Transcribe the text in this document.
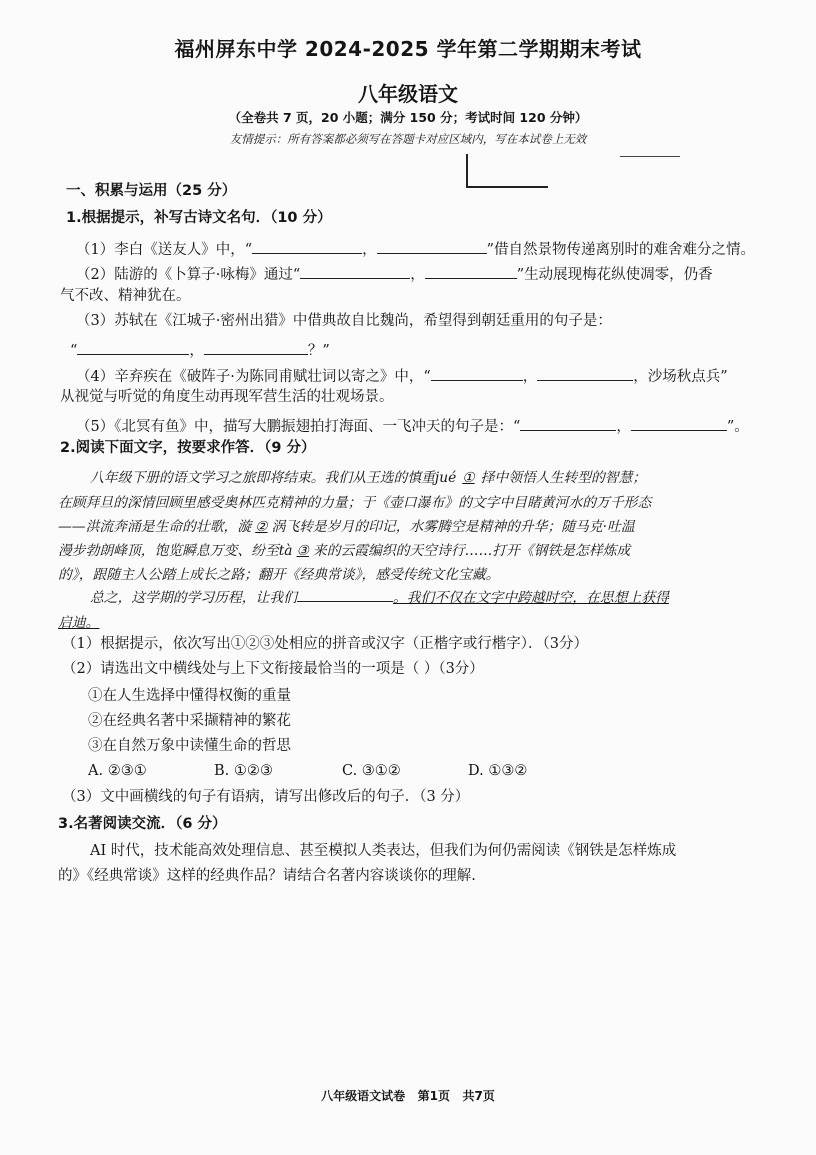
福州屏东中学 2024-2025 学年第二学期期末考试
八年级语文
（全卷共 7 页，20 小题；满分 150 分；考试时间 120 分钟）
友情提示：所有答案都必须写在答题卡对应区域内，写在本试卷上无效
一、积累与运用（25 分）
1.根据提示，补写古诗文名句．（10 分）
（1）李白《送友人》中，“	，	”借自然景物传递离别时的难舍难分之情。
（2）陆游的《卜算子·咏梅》通过“	，	”生动展现梅花纵使凋零，仍香
气不改、精神犹在。
（3）苏轼在《江城子·密州出猎》中借典故自比魏尚，希望得到朝廷重用的句子是：
“	，	？”
（4）辛弃疾在《破阵子·为陈同甫赋壮词以寄之》中，“	，	，沙场秋点兵”
从视觉与听觉的角度生动再现军营生活的壮观场景。
（5）《北冥有鱼》中，描写大鹏振翅拍打海面、一飞冲天的句子是：“	，	”。
2.阅读下面文字，按要求作答．（9 分）
八年级下册的语文学习之旅即将结束。我们从王选的慎重jué ① 择中领悟人生转型的智慧；
在顾拜旦的深情回顾里感受奥林匹克精神的力量；于《壶口瀑布》的文字中目睹黄河水的万千形态
——洪流奔涌是生命的壮歌，漩 ② 涡飞转是岁月的印记，水雾腾空是精神的升华；随马克·吐温
漫步勃朗峰顶，饱览瞬息万变、纷至tà ③ 来的云霞编织的天空诗行……打开《钢铁是怎样炼成
的》，跟随主人公踏上成长之路；翻开《经典常谈》，感受传统文化宝藏。
总之，这学期的学习历程，让我们	。我们不仅在文字中跨越时空，在思想上获得
启迪。
（1）根据提示，依次写出①②③处相应的拼音或汉字（正楷字或行楷字）．（3分）
（2）请选出文中横线处与上下文衔接最恰当的一项是（ ）（3分）
①在人生选择中懂得权衡的重量
②在经典名著中采撷精神的繁花
③在自然万象中读懂生命的哲思
A. ②③①	B. ①②③	C. ③①②	D. ①③②
（3）文中画横线的句子有语病，请写出修改后的句子．（3 分）
3.名著阅读交流．（6 分）
AI 时代，技术能高效处理信息、甚至模拟人类表达，但我们为何仍需阅读《钢铁是怎样炼成
的》《经典常谈》这样的经典作品？请结合名著内容谈谈你的理解.
八年级语文试卷 第1页 共7页
